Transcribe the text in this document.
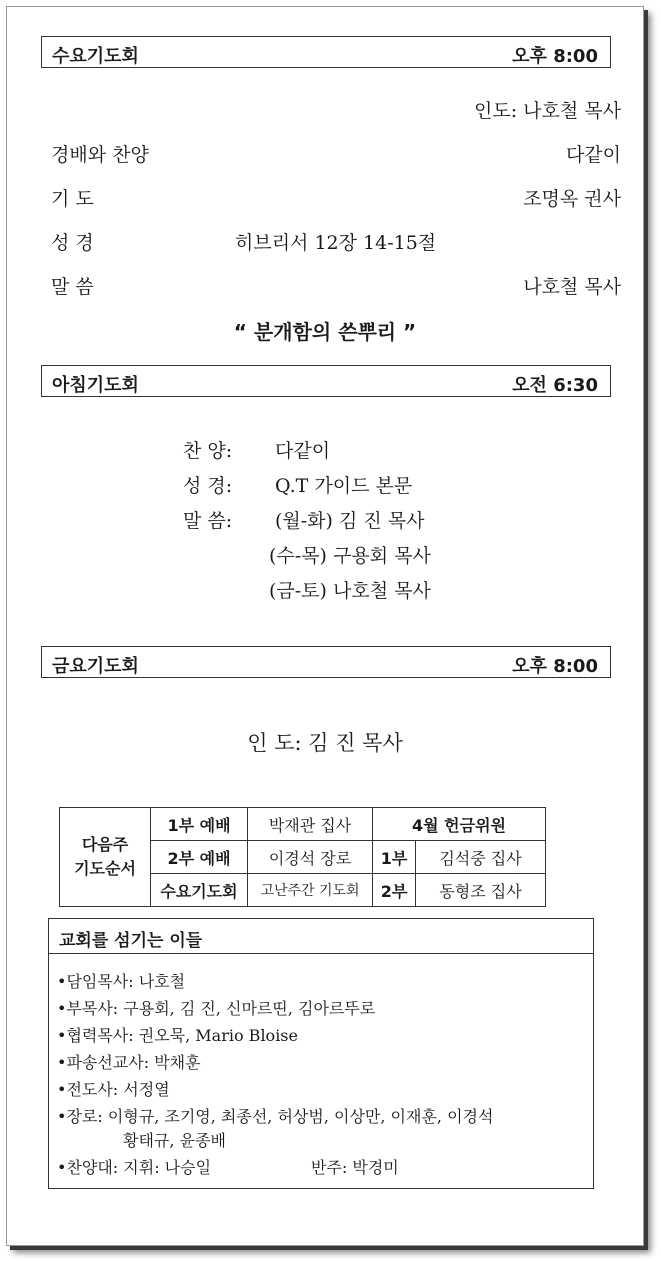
수요기도회	오후 8:00
인도: 나호철 목사
경배와 찬양	다같이
기 도	조명옥 권사
성 경	히브리서 12장 14-15절
말 씀	나호철 목사
“ 분개함의 쓴뿌리 ”
아침기도회	오전 6:30
찬 양: 다같이
성 경: Q.T 가이드 본문
말 씀: (월-화) 김 진 목사
(수-목) 구용회 목사
(금-토) 나호철 목사
금요기도회	오후 8:00
인 도: 김 진 목사
다음주
기도순서	1부 예배	박재관 집사	4월 헌금위원	
	2부 예배	이경석 장로	1부	김석중 집사
	수요기도회	고난주간 기도회	2부	동형조 집사
교회를 섬기는 이들
•담임목사: 나호철
•부목사: 구용회, 김 진, 신마르띤, 김아르뚜로
•협력목사: 권오묵, Mario Bloise
•파송선교사: 박채훈
•전도사: 서정열
•장로: 이형규, 조기영, 최종선, 허상범, 이상만, 이재훈, 이경석
황태규, 윤종배
•찬양대: 지휘: 나승일	반주: 박경미
